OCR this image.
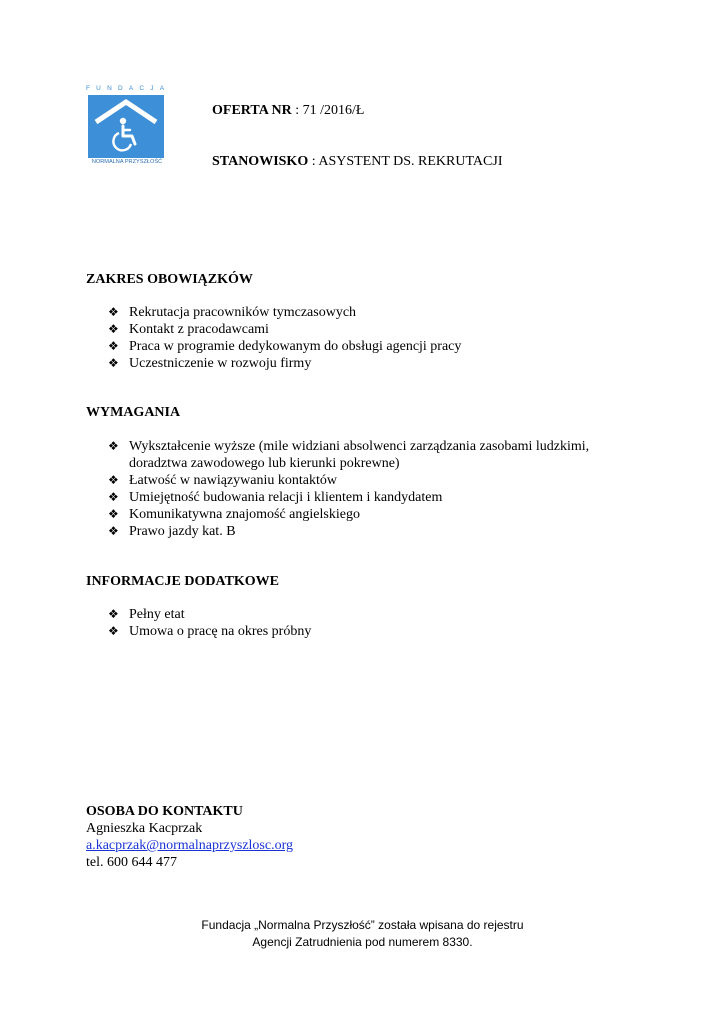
FUNDACJA
NORMALNA PRZYSZŁOŚĆ
OFERTA NR : 71 /2016/Ł
STANOWISKO : ASYSTENT DS. REKRUTACJI
ZAKRES OBOWIĄZKÓW
❖ Rekrutacja pracowników tymczasowych
❖ Kontakt z pracodawcami
❖ Praca w programie dedykowanym do obsługi agencji pracy
❖ Uczestniczenie w rozwoju firmy
WYMAGANIA
❖ Wykształcenie wyższe (mile widziani absolwenci zarządzania zasobami ludzkimi, doradztwa zawodowego lub kierunki pokrewne)
❖ Łatwość w nawiązywaniu kontaktów
❖ Umiejętność budowania relacji i klientem i kandydatem
❖ Komunikatywna znajomość angielskiego
❖ Prawo jazdy kat. B
INFORMACJE DODATKOWE
❖ Pełny etat
❖ Umowa o pracę na okres próbny
OSOBA DO KONTAKTU
Agnieszka Kacprzak
a.kacprzak@normalnaprzyszlosc.org
tel. 600 644 477
Fundacja „Normalna Przyszłość” została wpisana do rejestru
Agencji Zatrudnienia pod numerem 8330.
